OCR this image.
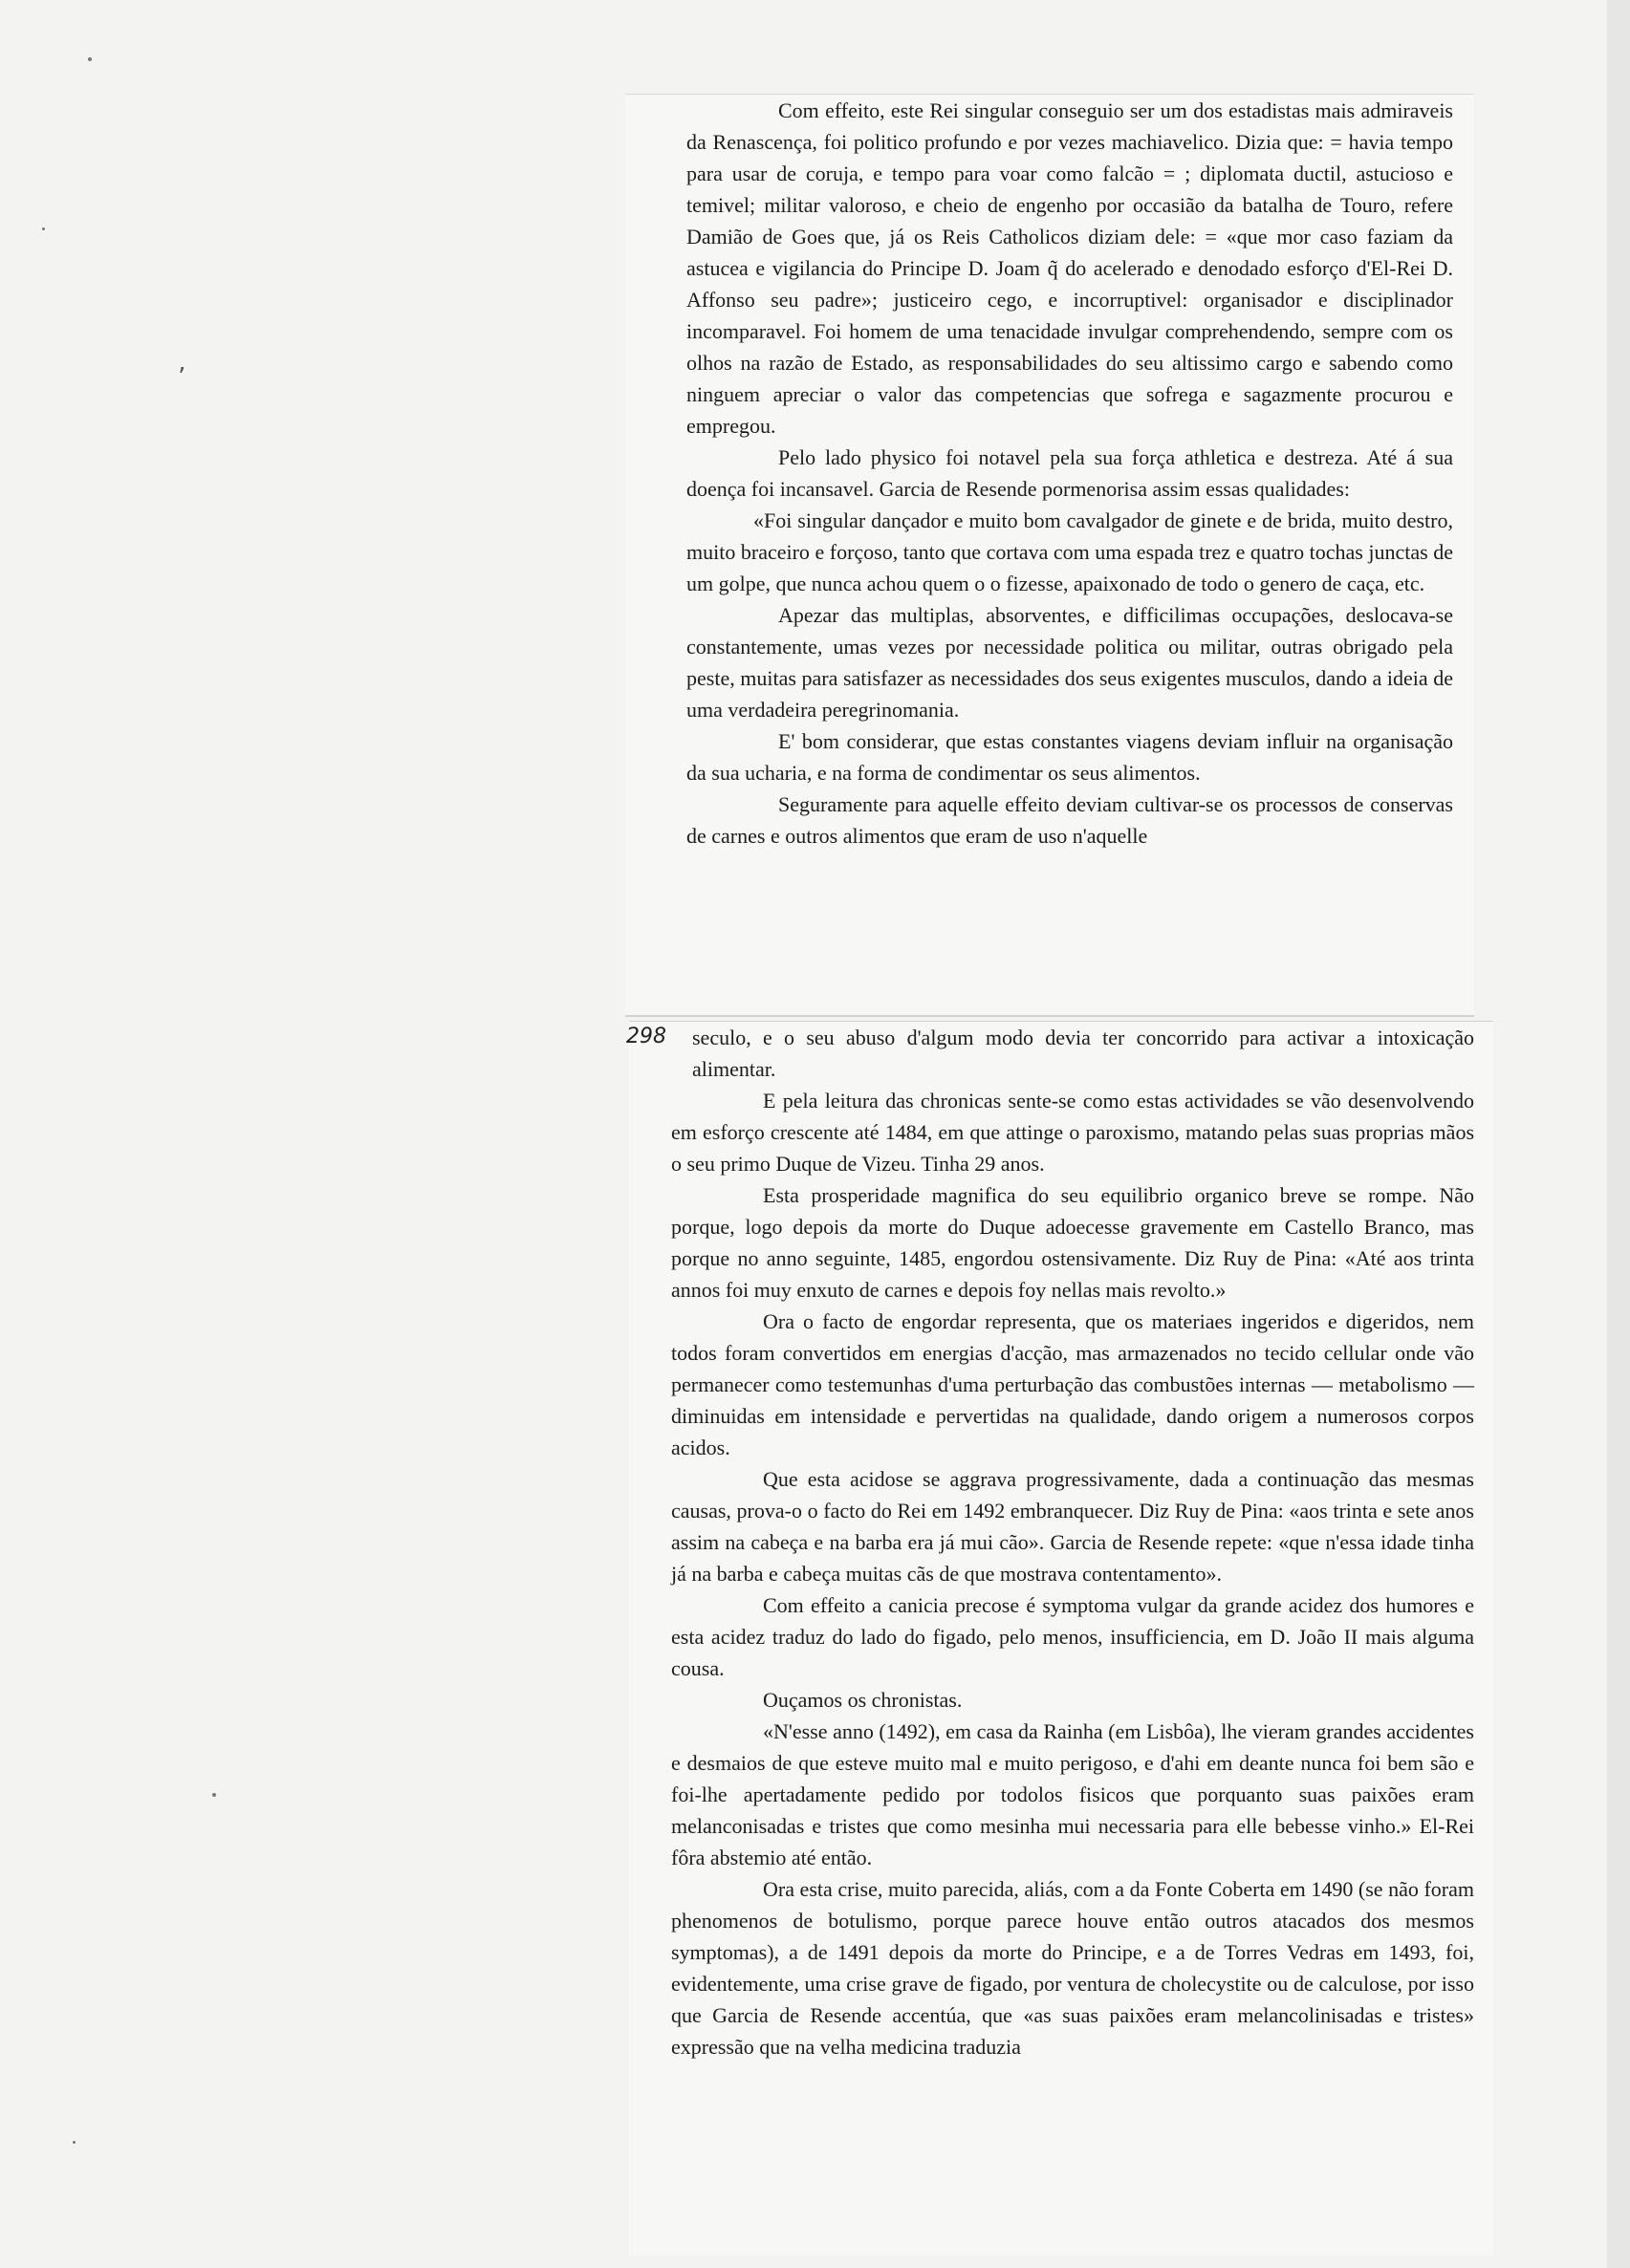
’

Com effeito, este Rei singular conseguio ser um dos estadistas mais admiraveis da Renascença, foi politico profundo e por vezes machiavelico. Dizia que: = havia tempo para usar de coruja, e tempo para voar como falcão = ; diplomata ductil, astucioso e temivel; militar valoroso, e cheio de engenho por occasião da batalha de Touro, refere Damião de Goes que, já os Reis Catholicos diziam dele: = «que mor caso faziam da astucea e vigilancia do Principe D. Joam q̃ do acelerado e denodado esforço d'El-Rei D. Affonso seu padre»; justiceiro cego, e incorruptivel: organisador e disciplinador incomparavel. Foi homem de uma tenacidade invulgar comprehendendo, sempre com os olhos na razão de Estado, as responsabilidades do seu altissimo cargo e sabendo como ninguem apreciar o valor das competencias que sofrega e sagazmente procurou e empregou.

Pelo lado physico foi notavel pela sua força athletica e destreza. Até á sua doença foi incansavel. Garcia de Resende pormenorisa assim essas qualidades:

«Foi singular dançador e muito bom cavalgador de ginete e de brida, muito destro, muito braceiro e forçoso, tanto que cortava com uma espada trez e quatro tochas junctas de um golpe, que nunca achou quem o o fizesse, apaixonado de todo o genero de caça, etc.

Apezar das multiplas, absorventes, e difficilimas occupações, deslocava-se constantemente, umas vezes por necessidade politica ou militar, outras obrigado pela peste, muitas para satisfazer as necessidades dos seus exigentes musculos, dando a ideia de uma verdadeira peregrinomania.

E' bom considerar, que estas constantes viagens deviam influir na organisação da sua ucharia, e na forma de condimentar os seus alimentos.

Seguramente para aquelle effeito deviam cultivar-se os processos de conservas de carnes e outros alimentos que eram de uso n'aquelle

seculo, e o seu abuso d'algum modo devia ter concorrido para activar a intoxicação alimentar.

E pela leitura das chronicas sente-se como estas actividades se vão desenvolvendo em esforço crescente até 1484, em que attinge o paroxismo, matando pelas suas proprias mãos o seu primo Duque de Vizeu. Tinha 29 anos.

Esta prosperidade magnifica do seu equilibrio organico breve se rompe. Não porque, logo depois da morte do Duque adoecesse gravemente em Castello Branco, mas porque no anno seguinte, 1485, engordou ostensivamente. Diz Ruy de Pina: «Até aos trinta annos foi muy enxuto de carnes e depois foy nellas mais revolto.»

Ora o facto de engordar representa, que os materiaes ingeridos e digeridos, nem todos foram convertidos em energias d'acção, mas armazenados no tecido cellular onde vão permanecer como testemunhas d'uma perturbação das combustões internas — metabolismo — diminuidas em intensidade e pervertidas na qualidade, dando origem a numerosos corpos acidos.

Que esta acidose se aggrava progressivamente, dada a continuação das mesmas causas, prova-o o facto do Rei em 1492 embranquecer. Diz Ruy de Pina: «aos trinta e sete anos assim na cabeça e na barba era já mui cão». Garcia de Resende repete: «que n'essa idade tinha já na barba e cabeça muitas cãs de que mostrava contentamento».

Com effeito a canicia precose é symptoma vulgar da grande acidez dos humores e esta acidez traduz do lado do figado, pelo menos, insufficiencia, em D. João II mais alguma cousa.

Ouçamos os chronistas.

«N'esse anno (1492), em casa da Rainha (em Lisbôa), lhe vieram grandes accidentes e desmaios de que esteve muito mal e muito perigoso, e d'ahi em deante nunca foi bem são e foi-lhe apertadamente pedido por todolos fisicos que porquanto suas paixões eram melanconisadas e tristes que como mesinha mui necessaria para elle bebesse vinho.» El-Rei fôra abstemio até então.

Ora esta crise, muito parecida, aliás, com a da Fonte Coberta em 1490 (se não foram phenomenos de botulismo, porque parece houve então outros atacados dos mesmos symptomas), a de 1491 depois da morte do Principe, e a de Torres Vedras em 1493, foi, evidentemente, uma crise grave de figado, por ventura de cholecystite ou de calculose, por isso que Garcia de Resende accentúa, que «as suas paixões eram melancolinisadas e tristes» expressão que na velha medicina traduzia

298
